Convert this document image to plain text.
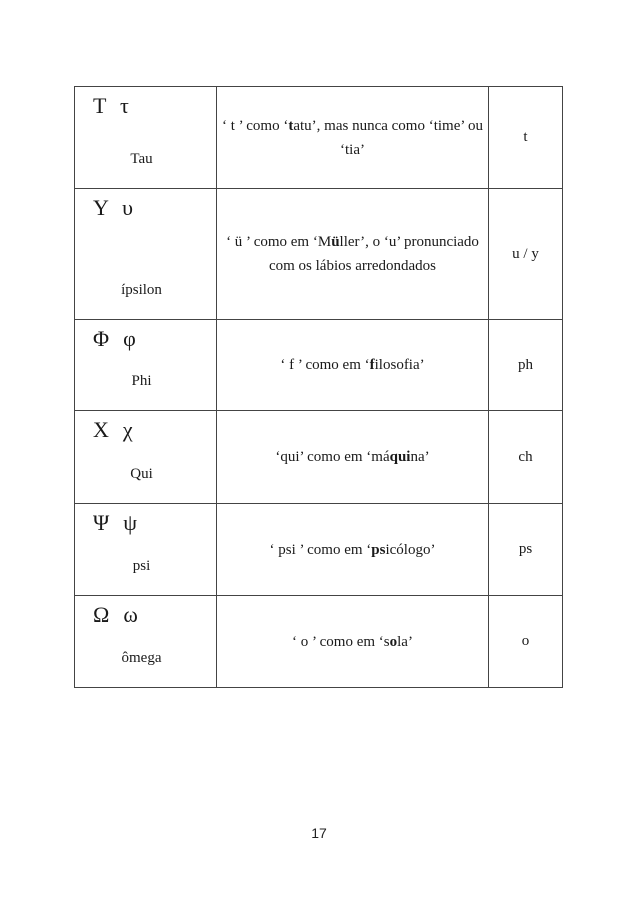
Τ  τ
Tau	‘ t ’ como ‘tatu’, mas nunca como ‘time’ ou ‘tia’	t

Υ  υ
ípsilon	‘ ü ’ como em ‘Müller’, o ‘u’ pronunciado com os lábios arredondados	u / y

Φ  φ
Phi	‘ f ’ como em ‘filosofia’	ph

Χ  χ
Qui	‘qui’ como em ‘máquina’	ch

Ψ  ψ
psi	‘ psi ’ como em ‘psicólogo’	ps

Ω  ω
ômega	‘ o ’ como em ‘sola’	o
17
